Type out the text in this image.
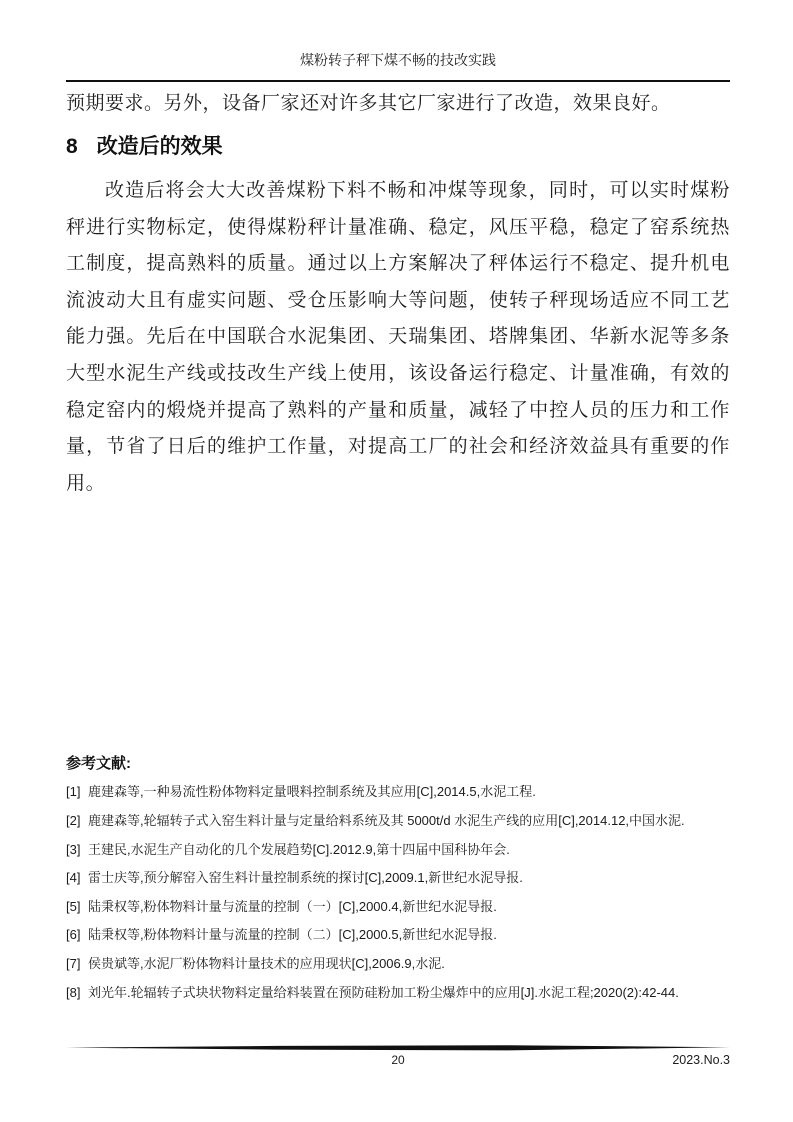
煤粉转子秤下煤不畅的技改实践
预期要求。另外，设备厂家还对许多其它厂家进行了改造，效果良好。
8 改造后的效果
改造后将会大大改善煤粉下料不畅和冲煤等现象，同时，可以实时煤粉秤进行实物标定，使得煤粉秤计量准确、稳定，风压平稳，稳定了窑系统热工制度，提高熟料的质量。通过以上方案解决了秤体运行不稳定、提升机电流波动大且有虚实问题、受仓压影响大等问题，使转子秤现场适应不同工艺能力强。先后在中国联合水泥集团、天瑞集团、塔牌集团、华新水泥等多条大型水泥生产线或技改生产线上使用，该设备运行稳定、计量准确，有效的稳定窑内的煅烧并提高了熟料的产量和质量，减轻了中控人员的压力和工作量，节省了日后的维护工作量，对提高工厂的社会和经济效益具有重要的作用。
参考文献:
[1] 鹿建森等,一种易流性粉体物料定量喂料控制系统及其应用[C],2014.5,水泥工程.
[2] 鹿建森等,轮辐转子式入窑生料计量与定量给料系统及其 5000t/d 水泥生产线的应用[C],2014.12,中国水泥.
[3] 王建民,水泥生产自动化的几个发展趋势[C].2012.9,第十四届中国科协年会.
[4] 雷士庆等,预分解窑入窑生料计量控制系统的探讨[C],2009.1,新世纪水泥导报.
[5] 陆秉权等,粉体物料计量与流量的控制（一）[C],2000.4,新世纪水泥导报.
[6] 陆秉权等,粉体物料计量与流量的控制（二）[C],2000.5,新世纪水泥导报.
[7] 侯贵斌等,水泥厂粉体物料计量技术的应用现状[C],2006.9,水泥.
[8] 刘光年.轮辐转子式块状物料定量给料装置在预防硅粉加工粉尘爆炸中的应用[J].水泥工程;2020(2):42-44.
20	2023.No.3
